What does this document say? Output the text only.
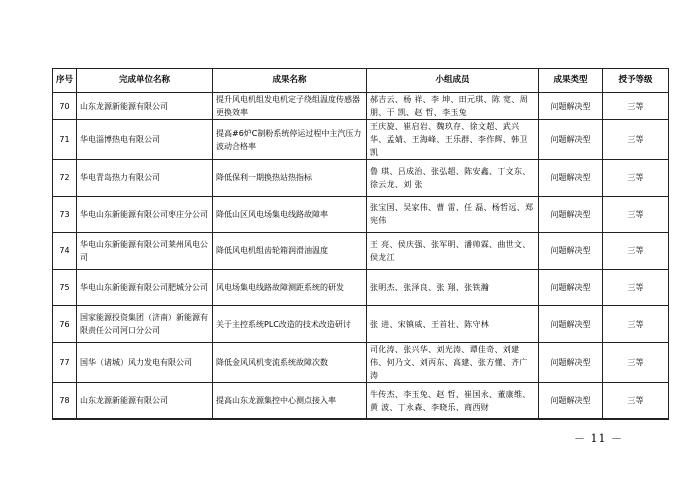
序号	完成单位名称	成果名称	小组成员	成果类型	授予等级
70	山东龙源新能源有限公司	提升风电机组发电机定子绕组温度传感器更换效率	郝吉云、杨 祥、李 坤、田元琪、陈 宽、周 朋、于 凯、赵 哲、李玉兔	问题解决型	三等
71	华电淄博热电有限公司	提高#6炉C制粉系统停运过程中主汽压力波动合格率	王庆旋、崔启岩、魏玖存、徐文超、武兴华、孟婧、王海峰、王乐群、李作辉、韩卫凯	问题解决型	三等
72	华电青岛热力有限公司	降低保利一期换热站热指标	鲁 琪、吕成治、张弘超、陈安鑫、丁文东、徐云龙、刘 张	问题解决型	三等
73	华电山东新能源有限公司枣庄分公司	降低山区风电场集电线路故障率	张宝国、吴家伟、曹 雷、任 磊、杨哲远、郑宪伟	问题解决型	三等
74	华电山东新能源有限公司莱州风电公司	降低风电机组齿轮箱润滑油温度	王 亮、侯庆强、张军明、潘帅霖、曲世文、侯龙江	问题解决型	三等
75	华电山东新能源有限公司肥城分公司	风电场集电线路故障测距系统的研发	张明杰、张泽良、张 翔、张铁瀚	问题解决型	三等
76	国家能源投资集团（济南）新能源有限责任公司河口分公司	关于主控系统PLC改造的技术改造研讨	张 进、宋镇威、王首壮、陈守林	问题解决型	三等
77	国华（诸城）风力发电有限公司	降低金风风机变流系统故障次数	司化涛、张兴华、刘光涛、谭佳奇、刘建伟、何乃文、刘丙东、高建、张方懂、齐广涛	问题解决型	三等
78	山东龙源新能源有限公司	提高山东龙源集控中心测点接入率	牛传杰、李玉兔、赵 哲、崔国永、董康维、黄 波、丁永森、李晓乐、商西财	问题解决型	三等
－ 11 －
